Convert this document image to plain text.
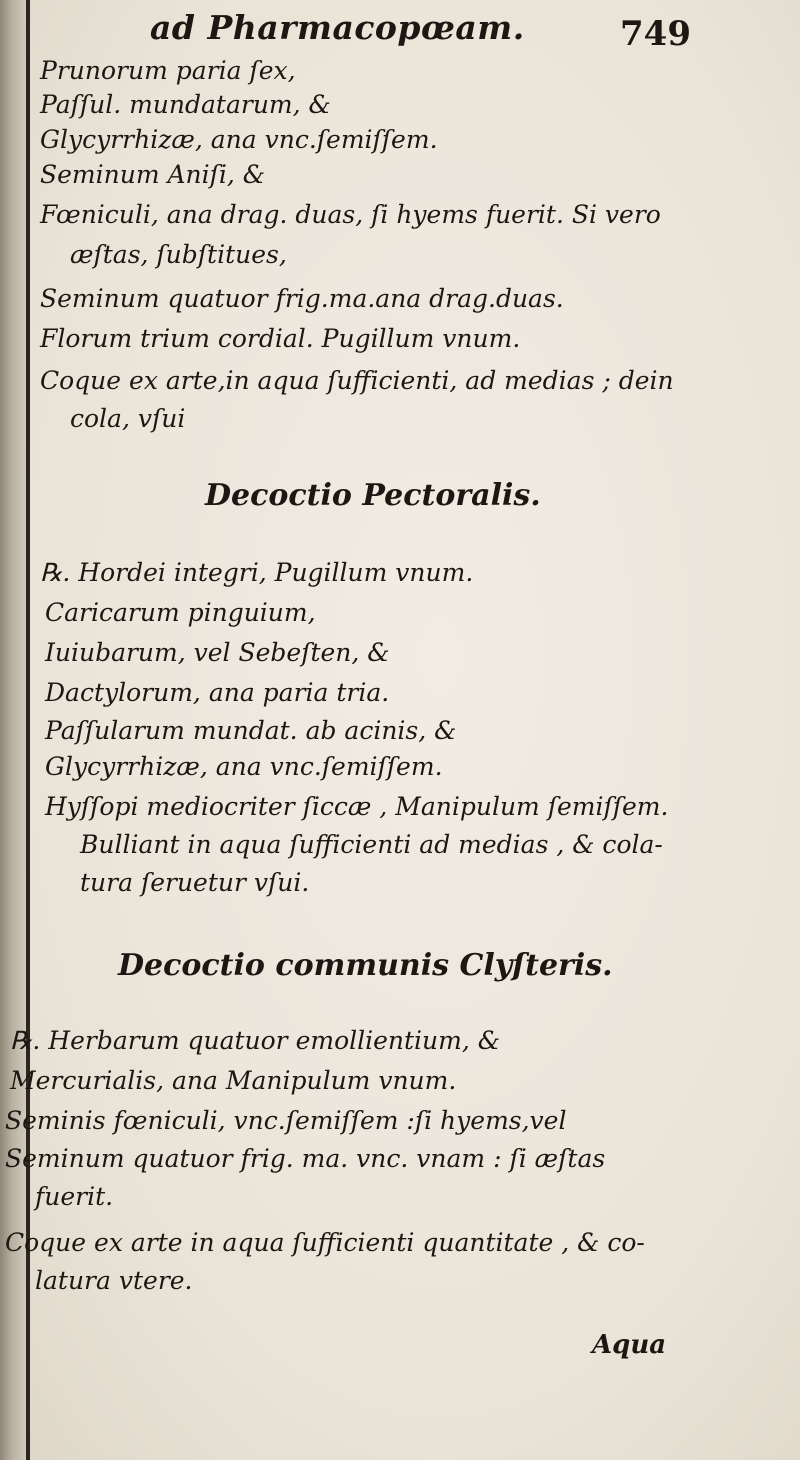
ad Pharmacopœam.	749
Prunorum paria ſex,
Paſſul. mundatarum, &
Glycyrrhizæ, ana vnc.ſemiſſem.
Seminum Aniſi, &
Fœniculi, ana drag. duas, ſi hyems fuerit. Si vero
æſtas, ſubſtitues,
Seminum quatuor frig.ma.ana drag.duas.
Florum trium cordial. Pugillum vnum.
Coque ex arte,in aqua ſufficienti, ad medias ; dein
cola, vſui
Decoctio Pectoralis.
℞. Hordei integri, Pugillum vnum.
Caricarum pinguium,
Iuiubarum, vel Sebeſten, &
Dactylorum, ana paria tria.
Paſſularum mundat. ab acinis, &
Glycyrrhizæ, ana vnc.ſemiſſem.
Hyſſopi mediocriter ſiccæ , Manipulum ſemiſſem.
Bulliant in aqua ſufficienti ad medias , & cola-
tura ſeruetur vſui.
Decoctio communis Clyſteris.
℞. Herbarum quatuor emollientium, &
Mercurialis, ana Manipulum vnum.
Seminis fœniculi, vnc.ſemiſſem :ſi hyems,vel
Seminum quatuor frig. ma. vnc. vnam : ſi æſtas
fuerit.
Coque ex arte in aqua ſufficienti quantitate , & co-
latura vtere.
Aqua
